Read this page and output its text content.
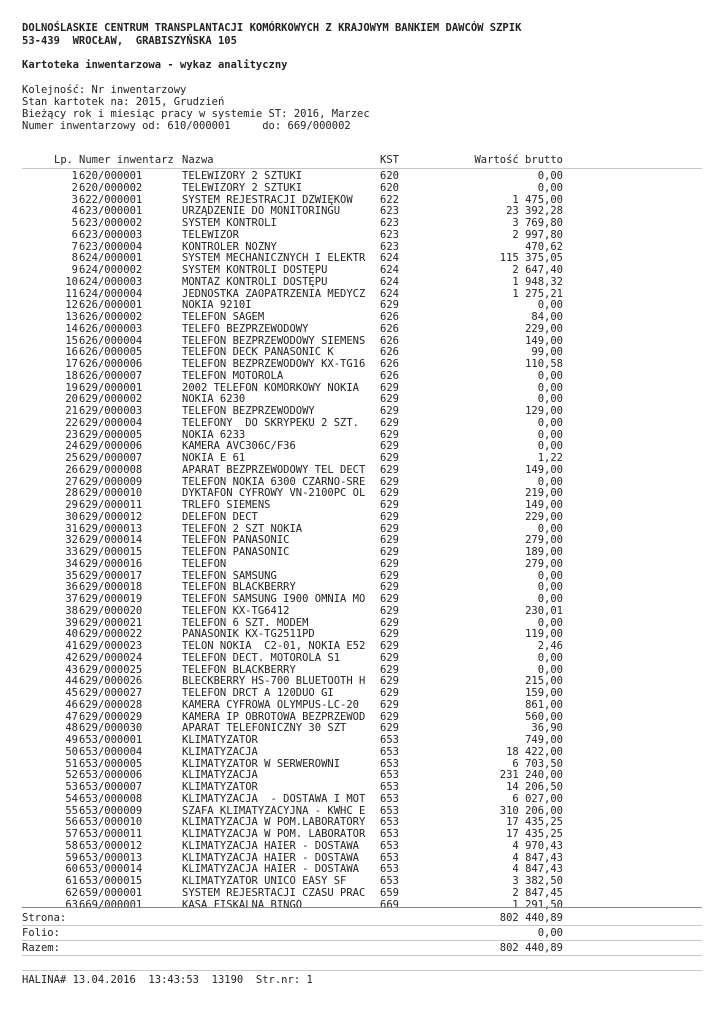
DOLNOŚLASKIE CENTRUM TRANSPLANTACJI KOMÓRKOWYCH Z KRAJOWYM BANKIEM DAWCÓW SZPIK
53-439  WROCŁAW,  GRABISZYŃSKA 105
Kartoteka inwentarzowa - wykaz analityczny

Kolejność: Nr inwentarzowy

Stan kartotek na: 2015, Grudzień

Bieżący rok i miesiąc pracy w systemie ST: 2016, Marzec

Numer inwentarzowy od: 610/000001     do: 669/000002

Lp. Numer inwentarz Nazwa	KST	Wartość brutto
1 620/000001	TELEWIZORY 2 SZTUKI	620	0,00
2 620/000002	TELEWIZORY 2 SZTUKI	620	0,00
3 622/000001	SYSTEM REJESTRACJI DŹWIĘKÓW	622	1 475,00
4 623/000001	URZĄDZENIE DO MONITORINGU	623	23 392,28
5 623/000002	SYSTEM KONTROLI	623	3 769,80
6 623/000003	TELEWIZOR	623	2 997,80
7 623/000004	KONTROLER NOŻNY	623	470,62
8 624/000001	SYSTEM MECHANICZNYCH I ELEKTR	624	115 375,05
9 624/000002	SYSTEM KONTROLI DOSTĘPU	624	2 647,40
10 624/000003	MONTAŻ KONTROLI DOSTĘPU	624	1 948,32
11 624/000004	JEDNOSTKA ZAOPATRZENIA MEDYCZ	624	1 275,21
12 626/000001	NOKIA 9210I	629	0,00
13 626/000002	TELEFON SAGEM	626	84,00
14 626/000003	TELEFO BEZPRZEWODOWY	626	229,00
15 626/000004	TELEFON BEZPRZEWODOWY SIEMENS	626	149,00
16 626/000005	TELEFON DECK PANASONIC K	626	99,00
17 626/000006	TELEFON BEZPRZEWODOWY KX-TG16	626	110,58
18 626/000007	TELEFON MOTOROLA	626	0,00
19 629/000001	2002 TELEFON KOMÓRKOWY NOKIA	629	0,00
20 629/000002	NOKIA 6230	629	0,00
21 629/000003	TELEFON BEZPRZEWODOWY	629	129,00
22 629/000004	TELEFONY  DO SKRYPEKU 2 SZT.	629	0,00
23 629/000005	NOKIA 6233	629	0,00
24 629/000006	KAMERA AVC306C/F36	629	0,00
25 629/000007	NOKIA E 61	629	1,22
26 629/000008	APARAT BEZPRZEWODOWY TEL DECT	629	149,00
27 629/000009	TELEFON NOKIA 6300 CZARNO-SRE	629	0,00
28 629/000010	DYKTAFON CYFROWY VN-2100PC OL	629	219,00
29 629/000011	TRLEFO SIEMENS	629	149,00
30 629/000012	DELEFON DECT	629	229,00
31 629/000013	TELEFON 2 SZT NOKIA	629	0,00
32 629/000014	TELEFON PANASONIC	629	279,00
33 629/000015	TELEFON PANASONIC	629	189,00
34 629/000016	TELEFON	629	279,00
35 629/000017	TELEFON SAMSUNG	629	0,00
36 629/000018	TELEFON BLACKBERRY	629	0,00
37 629/000019	TELEFON SAMSUNG I900 OMNIA MO	629	0,00
38 629/000020	TELEFON KX-TG6412	629	230,01
39 629/000021	TELEFON 6 SZT. MODEM	629	0,00
40 629/000022	PANASONIK KX-TG2511PD	629	119,00
41 629/000023	TELON NOKIA  C2-01, NOKIA E52	629	2,46
42 629/000024	TELEFON DECT. MOTOROLA S1	629	0,00
43 629/000025	TELEFON BLACKBERRY	629	0,00
44 629/000026	BLECKBERRY HS-700 BLUETOOTH H	629	215,00
45 629/000027	TELEFON DRCT A 120DUO GI	629	159,00
46 629/000028	KAMERA CYFROWA OLYMPUS-LC-20	629	861,00
47 629/000029	KAMERA IP OBROTOWA BEZPRZEWOD	629	560,00
48 629/000030	APARAT TELEFONICZNY 30 SZT	629	36,90
49 653/000001	KLIMATYZATOR	653	749,00
50 653/000004	KLIMATYZACJA	653	18 422,00
51 653/000005	KLIMATYZATOR W SERWEROWNI	653	6 703,50
52 653/000006	KLIMATYZACJA	653	231 240,00
53 653/000007	KLIMATYZATOR	653	14 206,50
54 653/000008	KLIMATYZACJA  - DOSTAWA I MOT	653	6 027,00
55 653/000009	SZAFA KLIMATYZACYJNA - KWHC E	653	310 206,00
56 653/000010	KLIMATYZACJA W POM.LABORATORY	653	17 435,25
57 653/000011	KLIMATYZACJA W POM. LABORATOR	653	17 435,25
58 653/000012	KLIMATYZACJA HAIER - DOSTAWA	653	4 970,43
59 653/000013	KLIMATYZACJA HAIER - DOSTAWA	653	4 847,43
60 653/000014	KLIMATYZACJA HAIER - DOSTAWA	653	4 847,43
61 653/000015	KLIMATYZATOR UNICO EASY SF	653	3 382,50
62 659/000001	SYSTEM REJESRTACJI CZASU PRAC	659	2 847,45
63 669/000001	KASA FISKALNA BINGO	669	1 291,50
Strona:	802 440,89
Folio:	0,00
Razem:	802 440,89
HALINA# 13.04.2016  13:43:53  13190  Str.nr: 1
